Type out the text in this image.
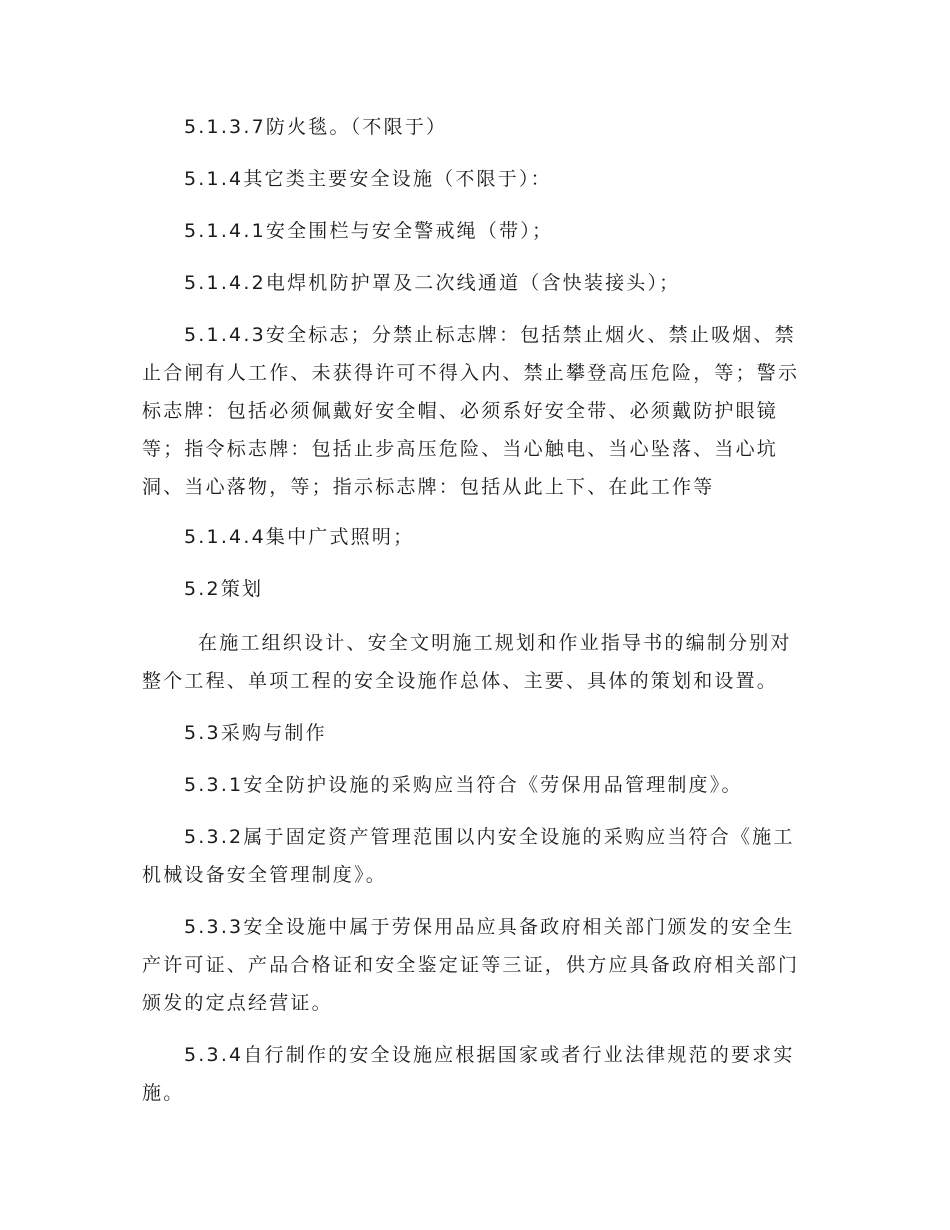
5.1.3.7防火毯。（不限于）

5.1.4其它类主要安全设施（不限于）：

5.1.4.1安全围栏与安全警戒绳（带）；

5.1.4.2电焊机防护罩及二次线通道（含快装接头）；

5.1.4.3安全标志；分禁止标志牌：包括禁止烟火、禁止吸烟、禁止合闸有人工作、未获得许可不得入内、禁止攀登高压危险，等；警示标志牌：包括必须佩戴好安全帽、必须系好安全带、必须戴防护眼镜等；指令标志牌：包括止步高压危险、当心触电、当心坠落、当心坑洞、当心落物，等；指示标志牌：包括从此上下、在此工作等

5.1.4.4集中广式照明；

5.2策划

在施工组织设计、安全文明施工规划和作业指导书的编制分别对整个工程、单项工程的安全设施作总体、主要、具体的策划和设置。

5.3采购与制作

5.3.1安全防护设施的采购应当符合《劳保用品管理制度》。

5.3.2属于固定资产管理范围以内安全设施的采购应当符合《施工机械设备安全管理制度》。

5.3.3安全设施中属于劳保用品应具备政府相关部门颁发的安全生产许可证、产品合格证和安全鉴定证等三证，供方应具备政府相关部门颁发的定点经营证。

5.3.4自行制作的安全设施应根据国家或者行业法律规范的要求实施。
